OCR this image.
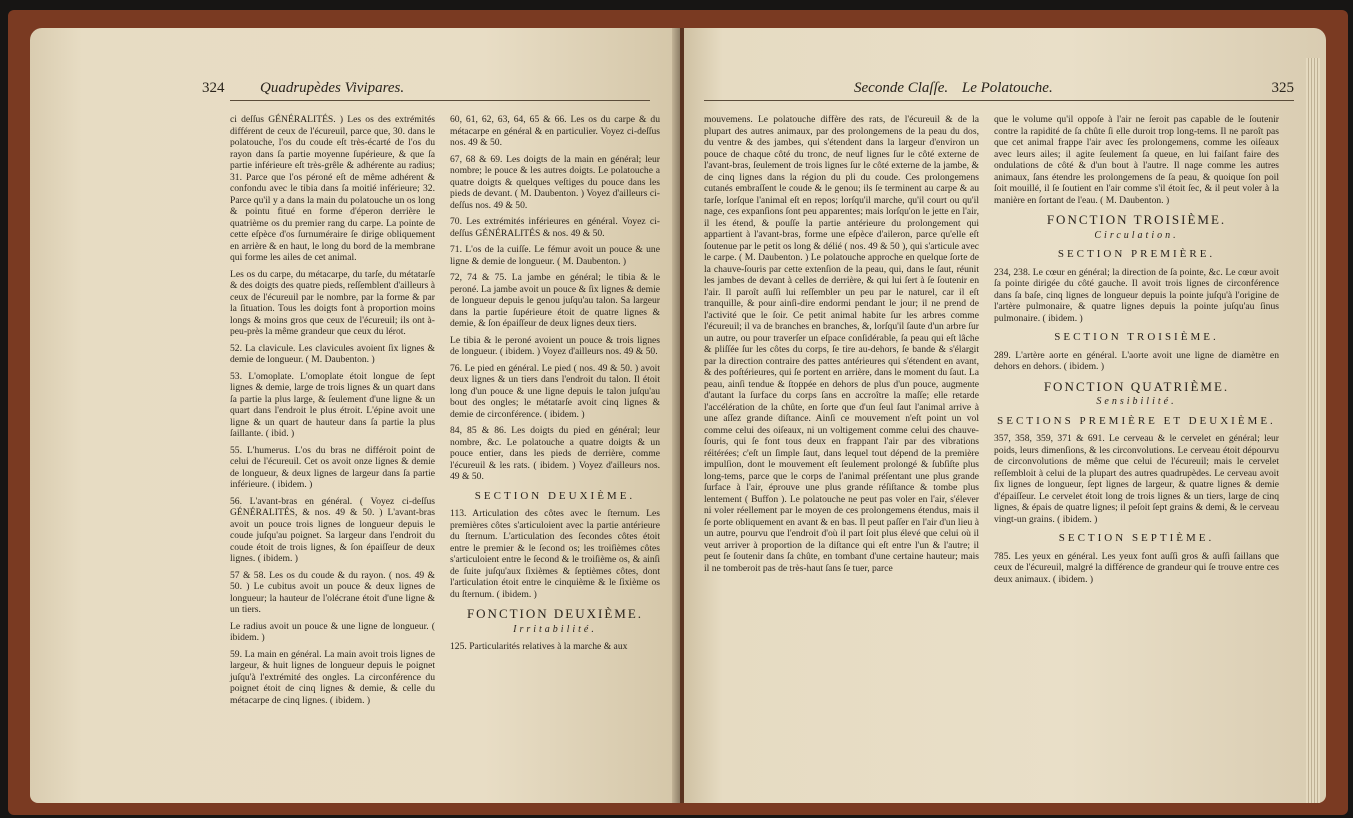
324 Quadrupèdes Vivipares.

ci deſſus GÉNÉRALITÉS. ) Les os des extrémités différent de ceux de l'écureuil, parce que, 30. dans le polatouche, l'os du coude eſt très-écarté de l'os du rayon dans ſa partie moyenne ſupérieure, & que ſa partie inférieure eſt très-grêle & adhérente au radius; 31. Parce que l'os péroné eſt de même adhérent & confondu avec le tibia dans ſa moitié inférieure; 32. Parce qu'il y a dans la main du polatouche un os long & pointu fitué en forme d'éperon derrière le quatrième os du premier rang du carpe. La pointe de cette eſpèce d'os ſurnuméraire ſe dirige obliquement en arrière & en haut, le long du bord de la membrane qui forme les ailes de cet animal.

Les os du carpe, du métacarpe, du tarſe, du métatarſe & des doigts des quatre pieds, reſſemblent d'ailleurs à ceux de l'écureuil par le nombre, par la forme & par la ſituation. Tous les doigts font à proportion moins longs & moins gros que ceux de l'écureuil; ils ont à-peu-près la même grandeur que ceux du lérot.

52. La clavicule. Les clavicules avoient ſix lignes & demie de longueur. ( M. Daubenton. )

53. L'omoplate. L'omoplate étoit longue de ſept lignes & demie, large de trois lignes & un quart dans ſa partie la plus large, & ſeulement d'une ligne & un quart dans l'endroit le plus étroit. L'épine avoit une ligne & un quart de hauteur dans ſa partie la plus ſaillante. ( ibid. )

55. L'humerus. L'os du bras ne différoit point de celui de l'écureuil. Cet os avoit onze lignes & demie de longueur, & deux lignes de largeur dans ſa partie inférieure. ( ibidem. )

56. L'avant-bras en général. ( Voyez ci-deſſus GÉNÉRALITÉS, & nos. 49 & 50. ) L'avant-bras avoit un pouce trois lignes de longueur depuis le coude juſqu'au poignet. Sa largeur dans l'endroit du coude étoit de trois lignes, & ſon épaiſſeur de deux lignes. ( ibidem. )

57 & 58. Les os du coude & du rayon. ( nos. 49 & 50. ) Le cubitus avoit un pouce & deux lignes de longueur; la hauteur de l'olécrane étoit d'une ligne & un tiers.

Le radius avoit un pouce & une ligne de longueur. ( ibidem. )

59. La main en général. La main avoit trois lignes de largeur, & huit lignes de longueur depuis le poignet juſqu'à l'extrémité des ongles. La circonférence du poignet étoit de cinq lignes & demie, & celle du métacarpe de cinq lignes. ( ibidem. )

60, 61, 62, 63, 64, 65 & 66. Les os du carpe & du métacarpe en général & en particulier. Voyez ci-deſſus nos. 49 & 50.

67, 68 & 69. Les doigts de la main en général; leur nombre; le pouce & les autres doigts. Le polatouche a quatre doigts & quelques veſtiges du pouce dans les pieds de devant. ( M. Daubenton. ) Voyez d'ailleurs ci-deſſus nos. 49 & 50.

70. Les extrémités inférieures en général. Voyez ci-deſſus GÉNÉRALITÉS & nos. 49 & 50.

71. L'os de la cuiſſe. Le fémur avoit un pouce & une ligne & demie de longueur. ( M. Daubenton. )

72, 74 & 75. La jambe en général; le tibia & le peroné. La jambe avoit un pouce & ſix lignes & demie de longueur depuis le genou juſqu'au talon. Sa largeur dans la partie ſupérieure étoit de quatre lignes & demie, & ſon épaiſſeur de deux lignes deux tiers.

Le tibia & le peroné avoient un pouce & trois lignes de longueur. ( ibidem. ) Voyez d'ailleurs nos. 49 & 50.

76. Le pied en général. Le pied ( nos. 49 & 50. ) avoit deux lignes & un tiers dans l'endroit du talon. Il étoit long d'un pouce & une ligne depuis le talon juſqu'au bout des ongles; le métatarſe avoit cinq lignes & demie de circonférence. ( ibidem. )

84, 85 & 86. Les doigts du pied en général; leur nombre, &c. Le polatouche a quatre doigts & un pouce entier, dans les pieds de derrière, comme l'écureuil & les rats. ( ibidem. ) Voyez d'ailleurs nos. 49 & 50.

SECTION DEUXIÈME.

113. Articulation des côtes avec le ſternum. Les premières côtes s'articuloient avec la partie antérieure du ſternum. L'articulation des ſecondes côtes étoit entre le premier & le ſecond os; les troiſièmes côtes s'articuloient entre le ſecond & le troiſième os, & ainſi de ſuite juſqu'aux ſixièmes & ſeptièmes côtes, dont l'articulation étoit entre le cinquième & le ſixième os du ſternum. ( ibidem. )

FONCTION DEUXIÈME.
Irritabilité.

125. Particularités relatives à la marche & aux

Seconde Claſſe. Le Polatouche.	325

mouvemens. Le polatouche diffère des rats, de l'écureuil & de la plupart des autres animaux, par des prolongemens de la peau du dos, du ventre & des jambes, qui s'étendent dans la largeur d'environ un pouce de chaque côté du tronc, de neuf lignes ſur le côté externe de l'avant-bras, ſeulement de trois lignes ſur le côté externe de la jambe, & de cinq lignes dans la région du pli du coude. Ces prolongemens cutanés embraſſent le coude & le genou; ils ſe terminent au carpe & au tarſe, lorſque l'animal eſt en repos; lorſqu'il marche, qu'il court ou qu'il nage, ces expanſions ſont peu apparentes; mais lorſqu'on le jette en l'air, il les étend, & pouſſe la partie antérieure du prolongement qui appartient à l'avant-bras, forme une eſpèce d'aileron, parce qu'elle eſt ſoutenue par le petit os long & délié ( nos. 49 & 50 ), qui s'articule avec le carpe. ( M. Daubenton. ) Le polatouche approche en quelque ſorte de la chauve-ſouris par cette extenſion de la peau, qui, dans le ſaut, réunit les jambes de devant à celles de derrière, & qui lui ſert à ſe ſoutenir en l'air. Il paroît auſſi lui reſſembler un peu par le naturel, car il eſt tranquille, & pour ainſi-dire endormi pendant le jour; il ne prend de l'activité que le ſoir. Ce petit animal habite ſur les arbres comme l'écureuil; il va de branches en branches, &, lorſqu'il ſaute d'un arbre ſur un autre, ou pour traverſer un eſpace conſidérable, ſa peau qui eſt lâche & pliſſée ſur les côtes du corps, ſe tire au-dehors, ſe bande & s'élargit par la direction contraire des pattes antérieures qui s'étendent en avant, & des poſtérieures, qui ſe portent en arrière, dans le moment du ſaut. La peau, ainſi tendue & ſtoppée en dehors de plus d'un pouce, augmente d'autant la ſurface du corps ſans en accroître la maſſe; elle retarde l'accélération de la chûte, en ſorte que d'un ſeul ſaut l'animal arrive à une aſſez grande diſtance. Ainſi ce mouvement n'eſt point un vol comme celui des oiſeaux, ni un voltigement comme celui des chauve-ſouris, qui ſe font tous deux en frappant l'air par des vibrations réitérées; c'eſt un ſimple ſaut, dans lequel tout dépend de la première impulſion, dont le mouvement eſt ſeulement prolongé & ſubſiſte plus long-tems, parce que le corps de l'animal préſentant une plus grande ſurface à l'air, éprouve une plus grande réſiſtance & tombe plus lentement ( Buffon ). Le polatouche ne peut pas voler en l'air, s'élever ni voler réellement par le moyen de ces prolongemens étendus, mais il ſe porte obliquement en avant & en bas. Il peut paſſer en l'air d'un lieu à un autre, pourvu que l'endroit d'où il part ſoit plus élevé que celui où il veut arriver à proportion de la diſtance qui eſt entre l'un & l'autre; il peut ſe ſoutenir dans ſa chûte, en tombant d'une certaine hauteur; mais il ne tomberoit pas de très-haut ſans ſe tuer, parce

que le volume qu'il oppoſe à l'air ne ſeroit pas capable de le ſoutenir contre la rapidité de ſa chûte ſi elle duroit trop long-tems. Il ne paroît pas que cet animal frappe l'air avec ſes prolongemens, comme les oiſeaux avec leurs ailes; il agite ſeulement ſa queue, en lui faiſant faire des ondulations de côté & d'un bout à l'autre. Il nage comme les autres animaux, ſans étendre les prolongemens de ſa peau, & quoique ſon poil ſoit mouillé, il ſe ſoutient en l'air comme s'il étoit ſec, & il peut voler à la manière en ſortant de l'eau. ( M. Daubenton. )

FONCTION TROISIÈME.
Circulation.
SECTION PREMIÈRE.

234, 238. Le cœur en général; la direction de ſa pointe, &c. Le cœur avoit ſa pointe dirigée du côté gauche. Il avoit trois lignes de circonférence dans ſa baſe, cinq lignes de longueur depuis la pointe juſqu'à l'origine de l'artère pulmonaire, & quatre lignes depuis la pointe juſqu'au ſinus pulmonaire. ( ibidem. )

SECTION TROISIÈME.

289. L'artère aorte en général. L'aorte avoit une ligne de diamètre en dehors en dehors. ( ibidem. )

FONCTION QUATRIÈME.
Sensibilité.
SECTIONS PREMIÈRE ET DEUXIÈME.

357, 358, 359, 371 & 691. Le cerveau & le cervelet en général; leur poids, leurs dimenſions, & les circonvolutions. Le cerveau étoit dépourvu de circonvolutions de même que celui de l'écureuil; mais le cervelet reſſembloit à celui de la plupart des autres quadrupèdes. Le cerveau avoit ſix lignes de longueur, ſept lignes de largeur, & quatre lignes & demie d'épaiſſeur. Le cervelet étoit long de trois lignes & un tiers, large de cinq lignes, & épais de quatre lignes; il peſoit ſept grains & demi, & le cerveau vingt-un grains. ( ibidem. )

SECTION SEPTIÈME.

785. Les yeux en général. Les yeux font auſſi gros & auſſi ſaillans que ceux de l'écureuil, malgré la différence de grandeur qui ſe trouve entre ces deux animaux. ( ibidem. )
